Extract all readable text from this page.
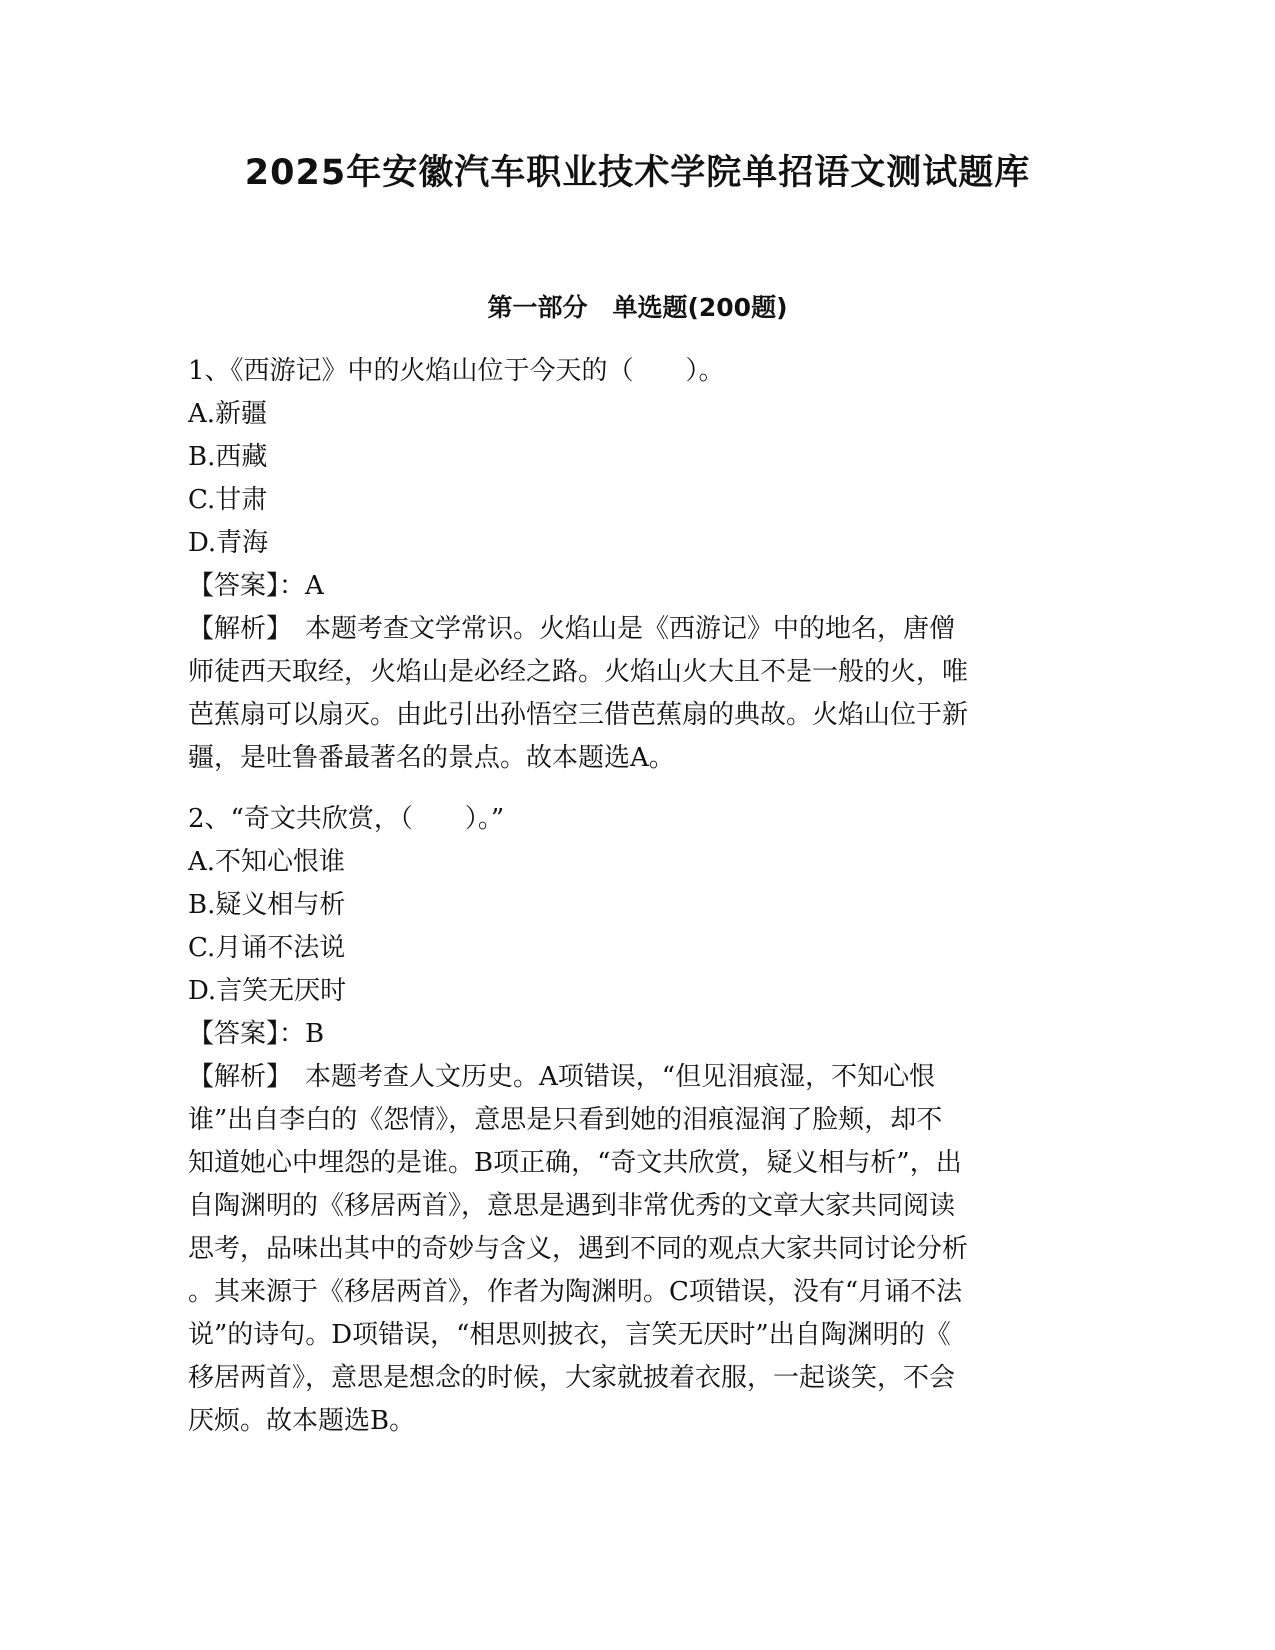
2025年安徽汽车职业技术学院单招语文测试题库
第一部分　单选题(200题)

1、《西游记》中的火焰山位于今天的（　　）。

A.新疆

B.西藏

C.甘肃

D.青海

【答案】：A

【解析】　本题考查文学常识。火焰山是《西游记》中的地名，唐僧

师徒西天取经，火焰山是必经之路。火焰山火大且不是一般的火，唯

芭蕉扇可以扇灭。由此引出孙悟空三借芭蕉扇的典故。火焰山位于新

疆，是吐鲁番最著名的景点。故本题选A。

2、“奇文共欣赏，（　　）。”

A.不知心恨谁

B.疑义相与析

C.月诵不法说

D.言笑无厌时

【答案】：B

【解析】　本题考查人文历史。A项错误，“但见泪痕湿，不知心恨

谁”出自李白的《怨情》，意思是只看到她的泪痕湿润了脸颊，却不

知道她心中埋怨的是谁。B项正确，“奇文共欣赏，疑义相与析”，出

自陶渊明的《移居两首》，意思是遇到非常优秀的文章大家共同阅读

思考，品味出其中的奇妙与含义，遇到不同的观点大家共同讨论分析

。其来源于《移居两首》，作者为陶渊明。C项错误，没有“月诵不法

说”的诗句。D项错误，“相思则披衣，言笑无厌时”出自陶渊明的《

移居两首》，意思是想念的时候，大家就披着衣服，一起谈笑，不会

厌烦。故本题选B。
